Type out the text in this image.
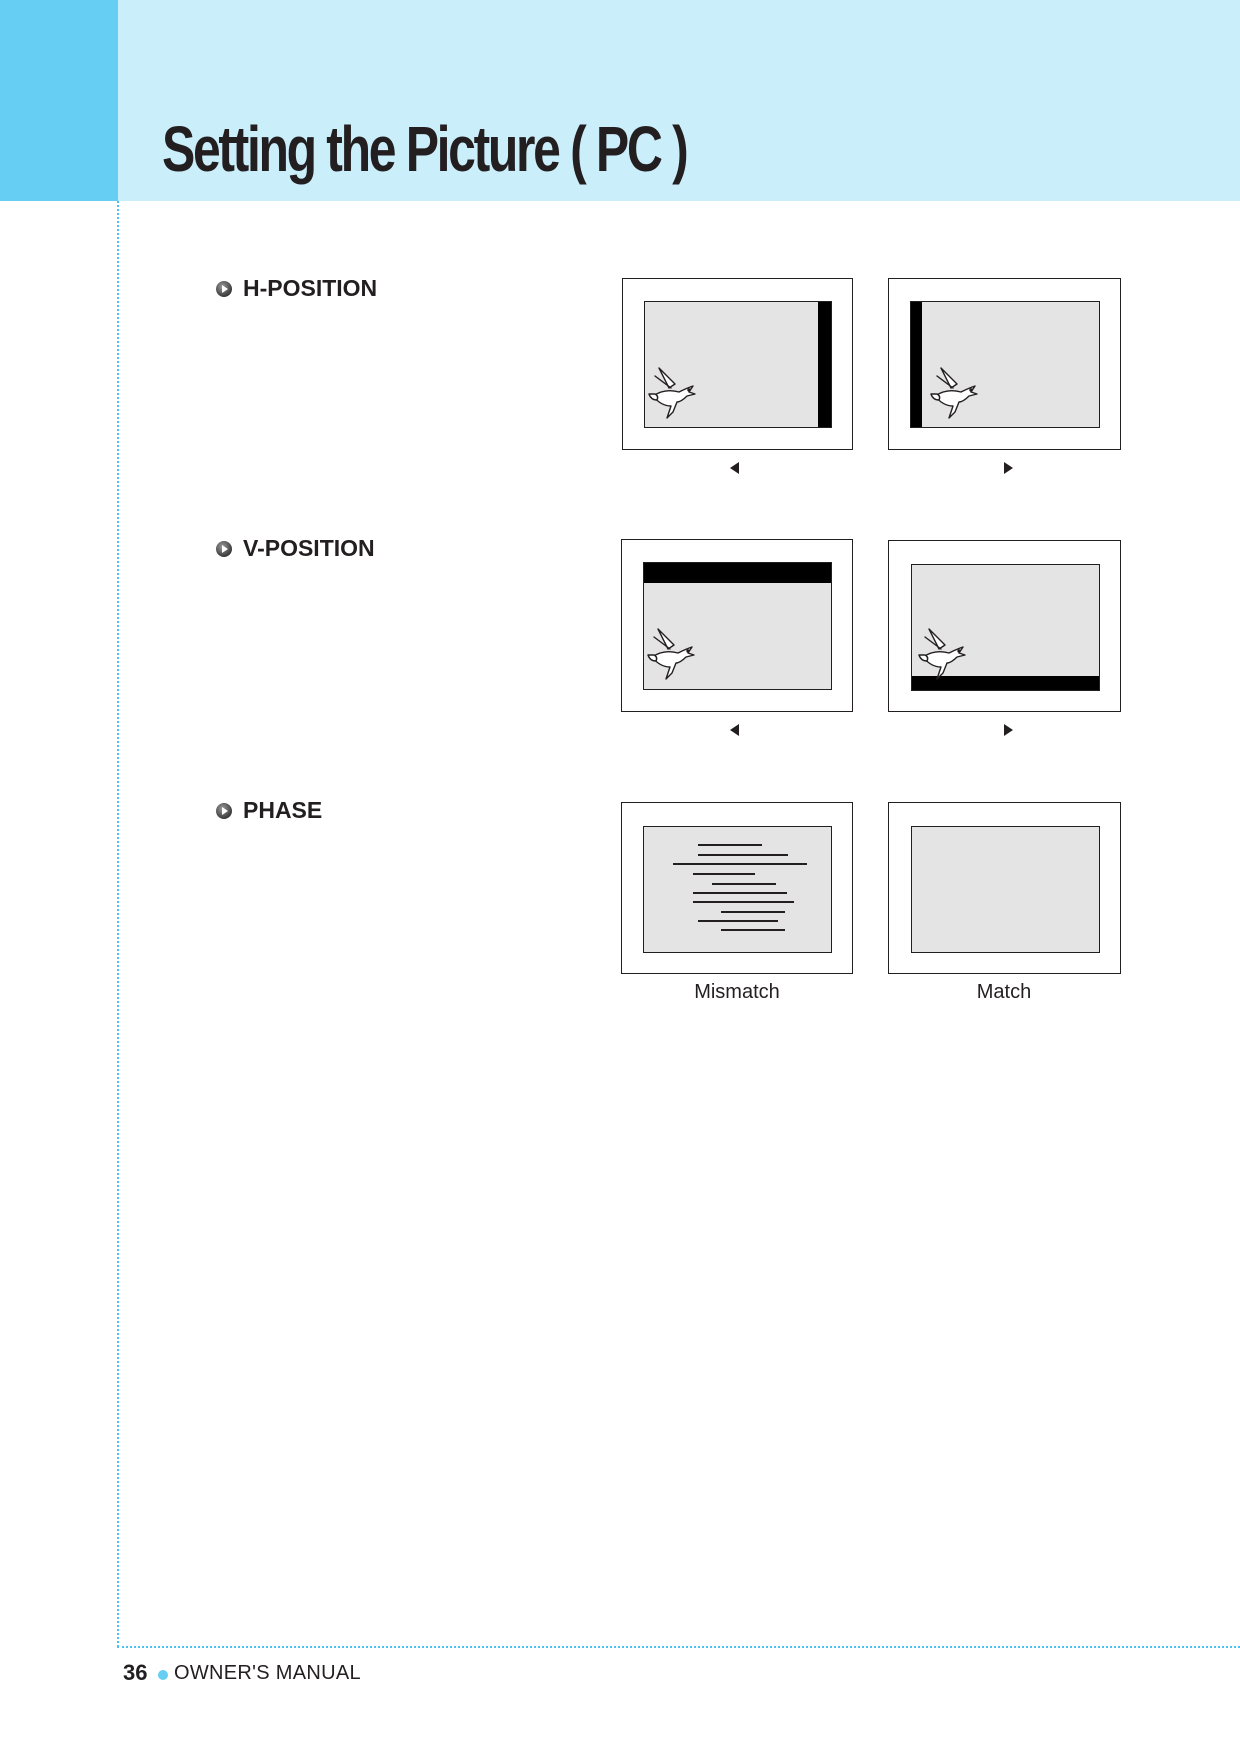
Setting the Picture ( PC )
H-POSITION
V-POSITION
PHASE
Mismatch	Match
36 OWNER'S MANUAL
